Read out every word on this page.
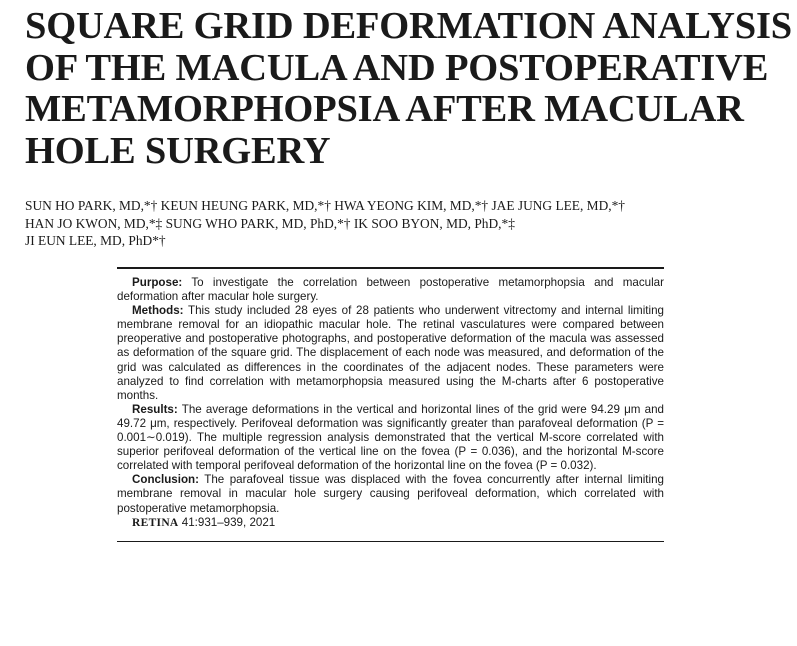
SQUARE GRID DEFORMATION ANALYSIS
OF THE MACULA AND POSTOPERATIVE
METAMORPHOPSIA AFTER MACULAR
HOLE SURGERY
SUN HO PARK, MD,*† KEUN HEUNG PARK, MD,*† HWA YEONG KIM, MD,*† JAE JUNG LEE, MD,*†
HAN JO KWON, MD,*‡ SUNG WHO PARK, MD, PhD,*† IK SOO BYON, MD, PhD,*‡
JI EUN LEE, MD, PhD*†

Purpose: To investigate the correlation between postoperative metamorphopsia and macular deformation after macular hole surgery.

Methods: This study included 28 eyes of 28 patients who underwent vitrectomy and internal limiting membrane removal for an idiopathic macular hole. The retinal vasculatures were compared between preoperative and postoperative photographs, and postoperative deformation of the macula was assessed as deformation of the square grid. The displacement of each node was measured, and deformation of the grid was calculated as differences in the coordinates of the adjacent nodes. These parameters were analyzed to find correlation with metamorphopsia measured using the M-charts after 6 postoperative months.

Results: The average deformations in the vertical and horizontal lines of the grid were 94.29 μm and 49.72 μm, respectively. Perifoveal deformation was significantly greater than parafoveal deformation (P = 0.001∼0.019). The multiple regression analysis demonstrated that the vertical M-score correlated with superior perifoveal deformation of the vertical line on the fovea (P = 0.036), and the horizontal M-score correlated with temporal perifoveal deformation of the horizontal line on the fovea (P = 0.032).

Conclusion: The parafoveal tissue was displaced with the fovea concurrently after internal limiting membrane removal in macular hole surgery causing perifoveal deformation, which correlated with postoperative metamorphopsia.

RETINA 41:931–939, 2021
